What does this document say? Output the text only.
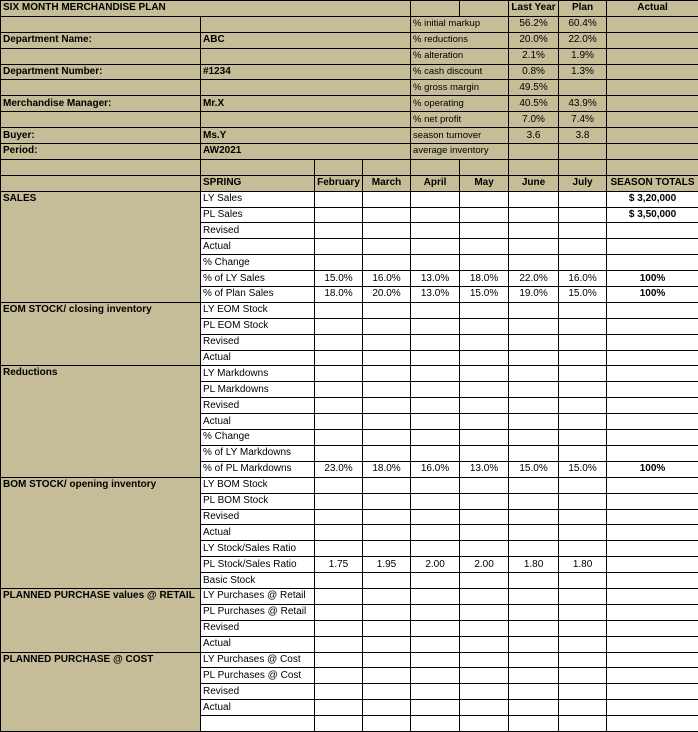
SIX MONTH MERCHANDISE PLAN						Last Year	Plan	Actual
				% initial markup		56.2%	60.4%	
Department Name:	ABC			% reductions		20.0%	22.0%	
				% alteration		2.1%	1.9%	
Department Number:	#1234			% cash discount		0.8%	1.3%	
				% gross margin		49.5%		
Merchandise Manager:	Mr.X			% operating		40.5%	43.9%	
				% net profit		7.0%	7.4%	
Buyer:	Ms.Y			season turnover		3.6	3.8	
Period:	AW2021			average inventory				

	SPRING	February	March	April	May	June	July	SEASON TOTALS
SALES	LY Sales							$ 3,20,000
	PL Sales							$ 3,50,000
	Revised							
	Actual							
	% Change							
	% of LY Sales	15.0%	16.0%	13.0%	18.0%	22.0%	16.0%	100%
	% of Plan Sales	18.0%	20.0%	13.0%	15.0%	19.0%	15.0%	100%
EOM STOCK/ closing inventory	LY EOM Stock							
	PL EOM Stock							
	Revised							
	Actual							
Reductions	LY Markdowns							
	PL Markdowns							
	Revised							
	Actual							
	% Change							
	% of LY Markdowns							
	% of PL Markdowns	23.0%	18.0%	16.0%	13.0%	15.0%	15.0%	100%
BOM STOCK/ opening inventory	LY BOM Stock							
	PL BOM Stock							
	Revised							
	Actual							
	LY Stock/Sales Ratio							
	PL Stock/Sales Ratio	1.75	1.95	2.00	2.00	1.80	1.80	
	Basic Stock							
PLANNED PURCHASE values @ RETAIL	LY Purchases @ Retail							
	PL Purchases @ Retail							
	Revised							
	Actual							
PLANNED PURCHASE @ COST	LY Purchases @ Cost							
	PL Purchases @ Cost							
	Revised							
	Actual							
